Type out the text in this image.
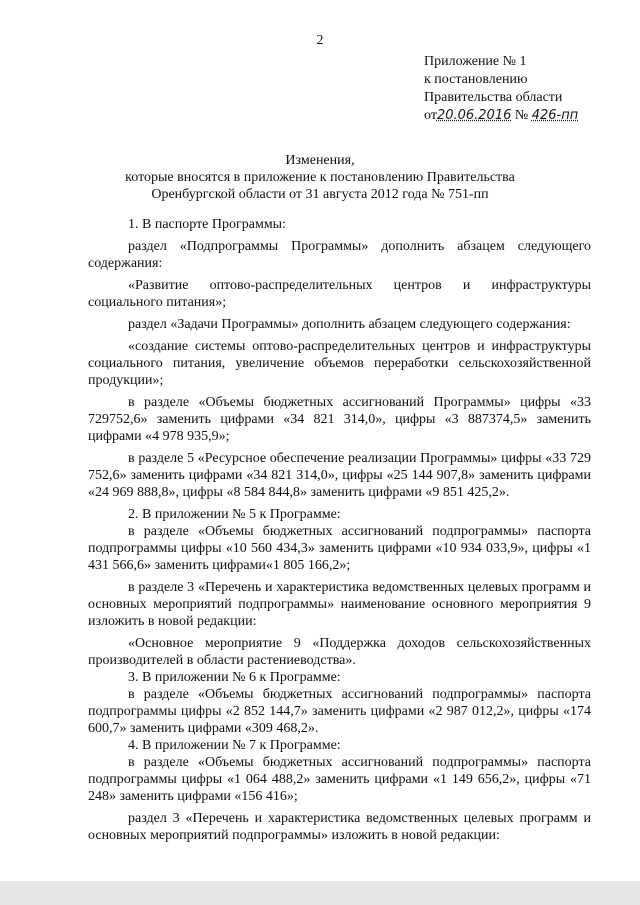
2
Приложение № 1
к постановлению
Правительства области
от20.06.2016 № 426-пп
Изменения,
которые вносятся в приложение к постановлению Правительства
Оренбургской области от 31 августа 2012 года № 751-пп

1. В паспорте Программы:

раздел «Подпрограммы Программы» дополнить абзацем следующего содержания:

«Развитие оптово-распределительных центров и инфраструктуры социального питания»;

раздел «Задачи Программы» дополнить абзацем следующего содержания:

«создание системы оптово-распределительных центров и инфраструктуры социального питания, увеличение объемов переработки сельскохозяйственной продукции»;

в разделе «Объемы бюджетных ассигнований Программы» цифры «33 729752,6» заменить цифрами «34 821 314,0», цифры «3 887374,5» заменить цифрами «4 978 935,9»;

в разделе 5 «Ресурсное обеспечение реализации Программы» цифры «33 729 752,6» заменить цифрами «34 821 314,0», цифры «25 144 907,8» заменить цифрами «24 969 888,8», цифры «8 584 844,8» заменить цифрами «9 851 425,2».

2. В приложении № 5 к Программе:

в разделе «Объемы бюджетных ассигнований подпрограммы» паспорта подпрограммы цифры «10 560 434,3» заменить цифрами «10 934 033,9», цифры «1 431 566,6» заменить цифрами«1 805 166,2»;

в разделе 3 «Перечень и характеристика ведомственных целевых программ и основных мероприятий подпрограммы» наименование основного мероприятия 9 изложить в новой редакции:

«Основное мероприятие 9 «Поддержка доходов сельскохозяйственных производителей в области растениеводства».

3. В приложении № 6 к Программе:

в разделе «Объемы бюджетных ассигнований подпрограммы» паспорта подпрограммы цифры «2 852 144,7» заменить цифрами «2 987 012,2», цифры «174 600,7» заменить цифрами «309 468,2».

4. В приложении № 7 к Программе:

в разделе «Объемы бюджетных ассигнований подпрограммы» паспорта подпрограммы цифры «1 064 488,2» заменить цифрами «1 149 656,2», цифры «71 248» заменить цифрами «156 416»;

раздел 3 «Перечень и характеристика ведомственных целевых программ и основных мероприятий подпрограммы» изложить в новой редакции:
